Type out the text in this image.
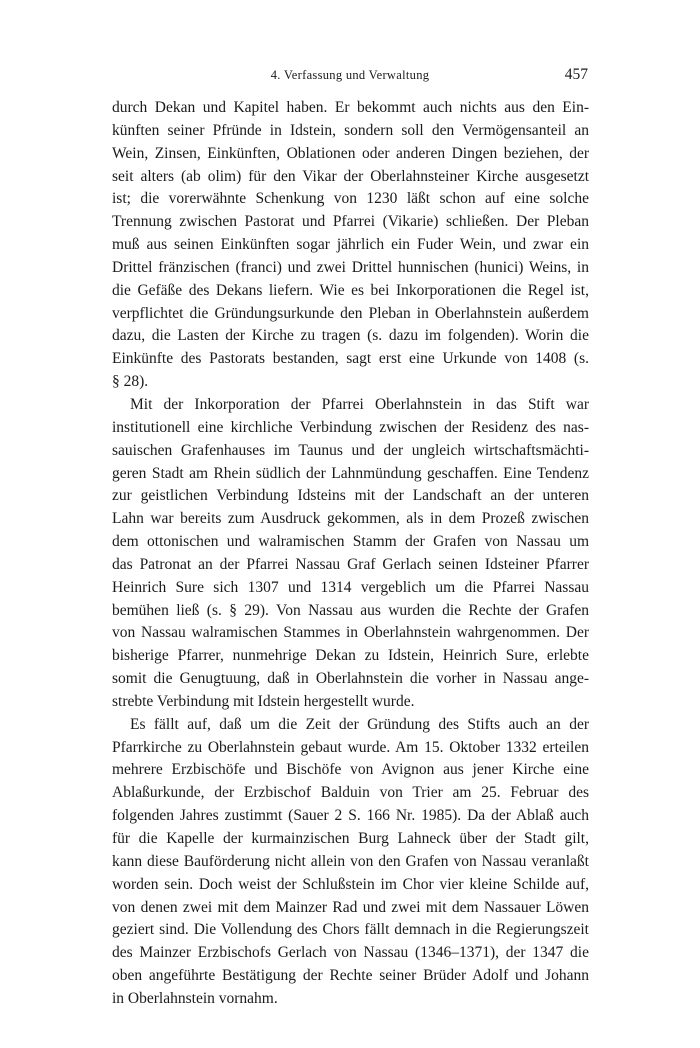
4. Verfassung und Verwaltung	457
durch Dekan und Kapitel haben. Er bekommt auch nichts aus den Ein-
künften seiner Pfründe in Idstein, sondern soll den Vermögensanteil an
Wein, Zinsen, Einkünften, Oblationen oder anderen Dingen beziehen, der
seit alters (ab olim) für den Vikar der Oberlahnsteiner Kirche ausgesetzt
ist; die vorerwähnte Schenkung von 1230 läßt schon auf eine solche
Trennung zwischen Pastorat und Pfarrei (Vikarie) schließen. Der Pleban
muß aus seinen Einkünften sogar jährlich ein Fuder Wein, und zwar ein
Drittel fränzischen (franci) und zwei Drittel hunnischen (hunici) Weins, in
die Gefäße des Dekans liefern. Wie es bei Inkorporationen die Regel ist,
verpflichtet die Gründungsurkunde den Pleban in Oberlahnstein außerdem
dazu, die Lasten der Kirche zu tragen (s. dazu im folgenden). Worin die
Einkünfte des Pastorats bestanden, sagt erst eine Urkunde von 1408 (s.
§ 28).
Mit der Inkorporation der Pfarrei Oberlahnstein in das Stift war
institutionell eine kirchliche Verbindung zwischen der Residenz des nas-
sauischen Grafenhauses im Taunus und der ungleich wirtschaftsmächti-
geren Stadt am Rhein südlich der Lahnmündung geschaffen. Eine Tendenz
zur geistlichen Verbindung Idsteins mit der Landschaft an der unteren
Lahn war bereits zum Ausdruck gekommen, als in dem Prozeß zwischen
dem ottonischen und walramischen Stamm der Grafen von Nassau um
das Patronat an der Pfarrei Nassau Graf Gerlach seinen Idsteiner Pfarrer
Heinrich Sure sich 1307 und 1314 vergeblich um die Pfarrei Nassau
bemühen ließ (s. § 29). Von Nassau aus wurden die Rechte der Grafen
von Nassau walramischen Stammes in Oberlahnstein wahrgenommen. Der
bisherige Pfarrer, nunmehrige Dekan zu Idstein, Heinrich Sure, erlebte
somit die Genugtuung, daß in Oberlahnstein die vorher in Nassau ange-
strebte Verbindung mit Idstein hergestellt wurde.
Es fällt auf, daß um die Zeit der Gründung des Stifts auch an der
Pfarrkirche zu Oberlahnstein gebaut wurde. Am 15. Oktober 1332 erteilen
mehrere Erzbischöfe und Bischöfe von Avignon aus jener Kirche eine
Ablaßurkunde, der Erzbischof Balduin von Trier am 25. Februar des
folgenden Jahres zustimmt (Sauer 2 S. 166 Nr. 1985). Da der Ablaß auch
für die Kapelle der kurmainzischen Burg Lahneck über der Stadt gilt,
kann diese Bauförderung nicht allein von den Grafen von Nassau veranlaßt
worden sein. Doch weist der Schlußstein im Chor vier kleine Schilde auf,
von denen zwei mit dem Mainzer Rad und zwei mit dem Nassauer Löwen
geziert sind. Die Vollendung des Chors fällt demnach in die Regierungszeit
des Mainzer Erzbischofs Gerlach von Nassau (1346–1371), der 1347 die
oben angeführte Bestätigung der Rechte seiner Brüder Adolf und Johann
in Oberlahnstein vornahm.
